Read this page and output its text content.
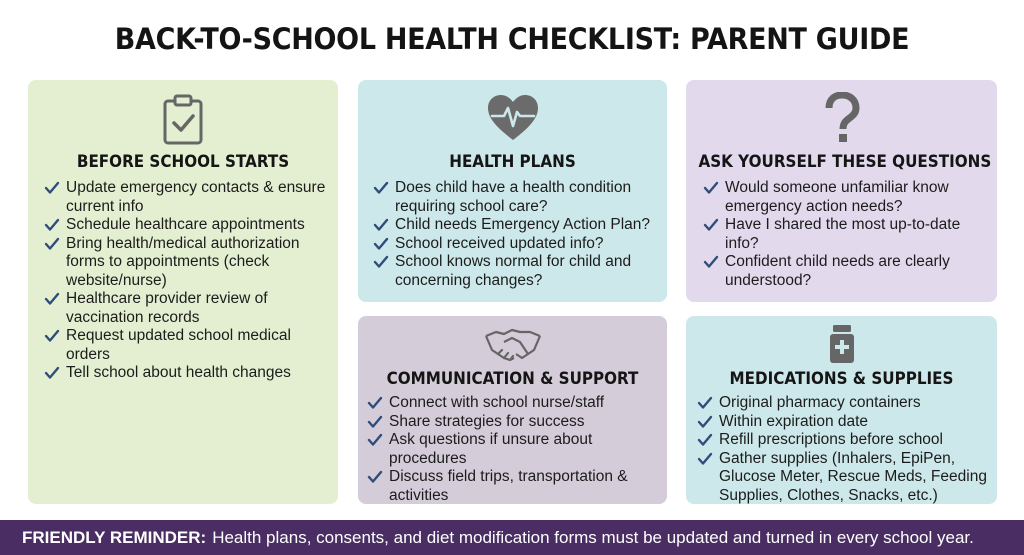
BACK-TO-SCHOOL HEALTH CHECKLIST: PARENT GUIDE
BEFORE SCHOOL STARTS
Update emergency contacts & ensure current info
Schedule healthcare appointments
Bring health/medical authorization forms to appointments (check website/nurse)
Healthcare provider review of vaccination records
Request updated school medical orders
Tell school about health changes
HEALTH PLANS
Does child have a health condition requiring school care?
Child needs Emergency Action Plan?
School received updated info?
School knows normal for child and concerning changes?
ASK YOURSELF THESE QUESTIONS
Would someone unfamiliar know emergency action needs?
Have I shared the most up-to-date info?
Confident child needs are clearly understood?
COMMUNICATION & SUPPORT
Connect with school nurse/staff
Share strategies for success
Ask questions if unsure about procedures
Discuss field trips, transportation & activities
MEDICATIONS & SUPPLIES
Original pharmacy containers
Within expiration date
Refill prescriptions before school
Gather supplies (Inhalers, EpiPen, Glucose Meter, Rescue Meds, Feeding Supplies, Clothes, Snacks, etc.)
FRIENDLY REMINDER: Health plans, consents, and diet modification forms must be updated and turned in every school year.
